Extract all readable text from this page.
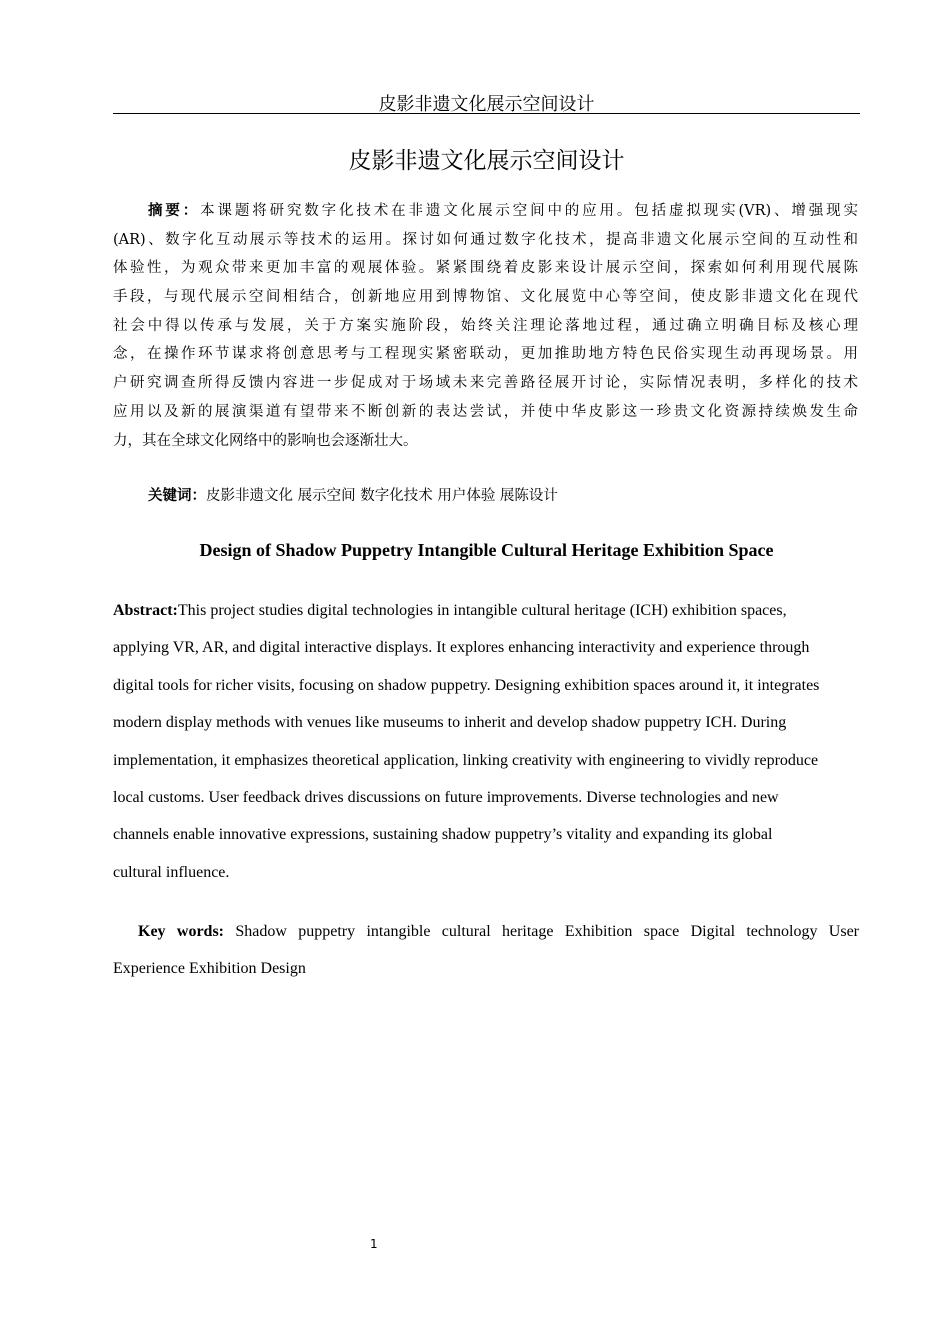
皮影非遗文化展示空间设计
皮影非遗文化展示空间设计
摘要：本课题将研究数字化技术在非遗文化展示空间中的应用。包括虚拟现实(VR)、增强现实
(AR)、数字化互动展示等技术的运用。探讨如何通过数字化技术，提高非遗文化展示空间的互动性和
体验性，为观众带来更加丰富的观展体验。紧紧围绕着皮影来设计展示空间，探索如何利用现代展陈
手段，与现代展示空间相结合，创新地应用到博物馆、文化展览中心等空间，使皮影非遗文化在现代
社会中得以传承与发展，关于方案实施阶段，始终关注理论落地过程，通过确立明确目标及核心理
念，在操作环节谋求将创意思考与工程现实紧密联动，更加推助地方特色民俗实现生动再现场景。用
户研究调查所得反馈内容进一步促成对于场域未来完善路径展开讨论，实际情况表明，多样化的技术
应用以及新的展演渠道有望带来不断创新的表达尝试，并使中华皮影这一珍贵文化资源持续焕发生命
力，其在全球文化网络中的影响也会逐渐壮大。
关键词：皮影非遗文化 展示空间 数字化技术 用户体验 展陈设计
Design of Shadow Puppetry Intangible Cultural Heritage Exhibition Space
Abstract:This project studies digital technologies in intangible cultural heritage (ICH) exhibition spaces,
applying VR, AR, and digital interactive displays. It explores enhancing interactivity and experience through
digital tools for richer visits, focusing on shadow puppetry. Designing exhibition spaces around it, it integrates
modern display methods with venues like museums to inherit and develop shadow puppetry ICH. During
implementation, it emphasizes theoretical application, linking creativity with engineering to vividly reproduce
local customs. User feedback drives discussions on future improvements. Diverse technologies and new
channels enable innovative expressions, sustaining shadow puppetry’s vitality and expanding its global
cultural influence.
Key words: Shadow puppetry intangible cultural heritage Exhibition space Digital technology User
Experience Exhibition Design
1
